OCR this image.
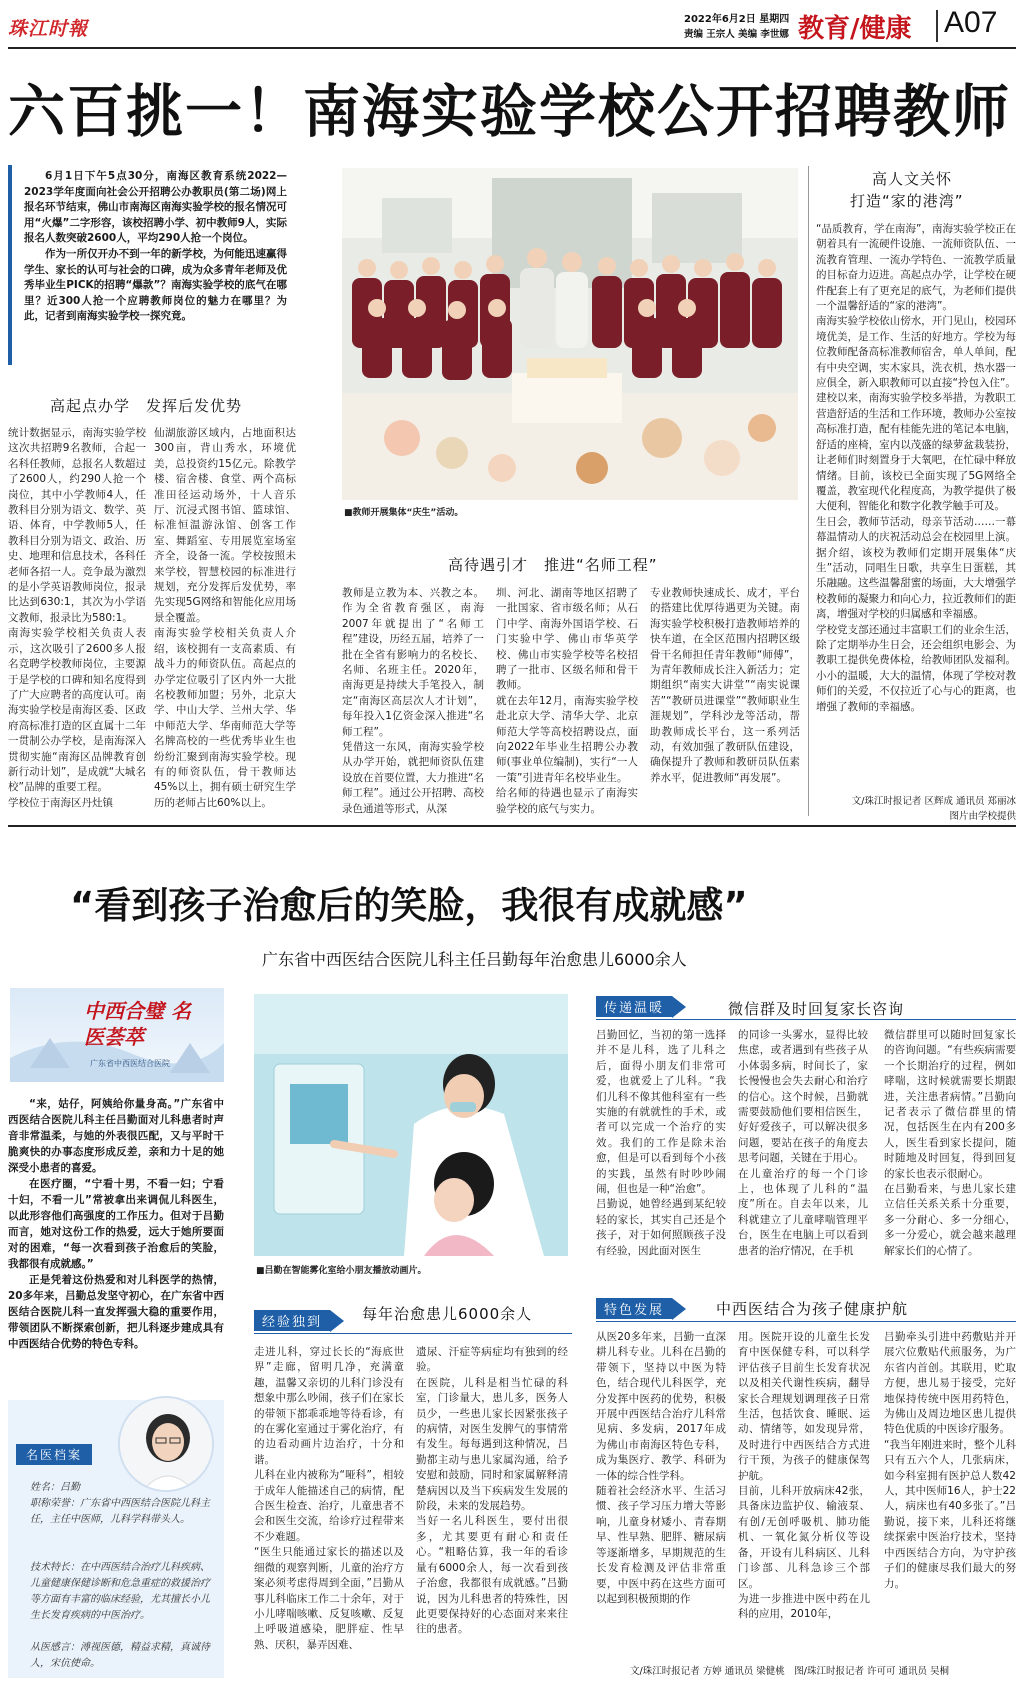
珠江时報	2022年6月2日 星期四
责编 王宗人 美编 李世娜 教育/健康 A07
六百挑一！南海实验学校公开招聘教师

6月1日下午5点30分，南海区教育系统2022—2023学年度面向社会公开招聘公办教职员(第二场)网上报名环节结束，佛山市南海区南海实验学校的报名情况可用“火爆”二字形容，该校招聘小学、初中教师9人，实际报名人数突破2600人，平均290人抢一个岗位。

作为一所仅开办不到一年的新学校，为何能迅速赢得学生、家长的认可与社会的口碑，成为众多青年老师及优秀毕业生PICK的招聘“爆款”？南海实验学校的底气在哪里？近300人抢一个应聘教师岗位的魅力在哪里？为此，记者到南海实验学校一探究竟。

■教师开展集体“庆生”活动。
高起点办学　发挥后发优势

统计数据显示，南海实验学校这次共招聘9名教师，合起一名科任教师，总报名人数超过了2600人，约290人抢一个岗位，其中小学教师4人，任教科目分别为语文、数学、英语、体育，中学教师5人，任教科目分别为语文、政治、历史、地理和信息技术，各科任老师各招一人。竞争最为激烈的是小学英语教师岗位，报录比达到630:1，其次为小学语文教师，报录比为580:1。
南海实验学校相关负责人表示，这次吸引了2600多人报名竞聘学校教师岗位，主要源于是学校的口碑和知名度得到了广大应聘者的高度认可。南海实验学校是南海区委、区政府高标准打造的区直属十二年一贯制公办学校，是南海深入贯彻实施“南海区品牌教育创新行动计划”，是成就“大城名校”品牌的重要工程。
学校位于南海区丹灶镇

仙湖旅游区域内，占地面积达300亩，背山秀水，环境优美，总投资约15亿元。除教学楼、宿舍楼、食堂、两个高标准田径运动场外，十人音乐厅、沉浸式图书馆、篮球馆、标准恒温游泳馆、创客工作室、舞蹈室、专用展览室场室齐全，设备一流。学校按照未来学校，智慧校园的标准进行规划，充分发挥后发优势，率先实现5G网络和智能化应用场景全覆盖。
南海实验学校相关负责人介绍，该校拥有一支高素质、有战斗力的师资队伍。高起点的办学定位吸引了区内外一大批名校教师加盟；另外，北京大学、中山大学、兰州大学、华中师范大学、华南师范大学等名牌高校的一些优秀毕业生也纷纷汇聚到南海实验学校。现有的师资队伍，骨干教师达45%以上，拥有硕士研究生学历的老师占比60%以上。

高待遇引才　推进“名师工程”

教师是立教为本、兴教之本。作为全省教育强区，南海2007年就提出了“名师工程”建设，历经五届，培养了一批在全省有影响力的名校长、名师、名班主任。2020年，南海更是持续大手笔投入，制定“南海区高层次人才计划”，每年投入1亿资金深入推进“名师工程”。
凭借这一东风，南海实验学校从办学开始，就把师资队伍建设放在首要位置，大力推进“名师工程”。通过公开招聘、高校录色通道等形式，从深

圳、河北、湖南等地区招聘了一批国家、省市级名师；从石门中学、南海外国语学校、石门实验中学、佛山市华英学校、佛山市实验学校等名校招聘了一批市、区级名师和骨干教师。
就在去年12月，南海实验学校赴北京大学、清华大学、北京师范大学等高校招聘设点，面向2022年毕业生招聘公办教师(事业单位编制)，实行“一人一策”引进青年名校毕业生。
给名师的待遇也显示了南海实验学校的底气与实力。

专业教师快速成长、成才，平台的搭建比优厚待遇更为关键。南海实验学校积极打造教师培养的快车道，在全区范围内招聘区级骨干名师担任青年教师“师傅”，为青年教师成长注入新活力；定期组织“南实大讲堂”“南实说课苦”“教研员进课堂”“教师职业生涯规划”，学科沙龙等活动，帮助教师成长平台，这一系列活动，有效加强了教研队伍建设，确保提升了教师和教研员队伍素养水平，促进教师“再发展”。

高人文关怀
打造“家的港湾”

“品质教育，学在南海”，南海实验学校正在朝着具有一流硬件设施、一流师资队伍、一流教育管理、一流办学特色、一流教学质量的目标奋力迈进。高起点办学，让学校在硬件配套上有了更充足的底气，为老师们提供一个温馨舒适的“家的港湾”。
南海实验学校依山傍水，开门见山，校园环境优美，是工作、生活的好地方。学校为每位教师配备高标准教师宿舍，单人单间，配有中央空调，实木家具，洗衣机，热水器一应俱全，新入职教师可以直接“拎包入住”。
建校以来，南海实验学校多举措，为教职工营造舒适的生活和工作环境，教师办公室按高标准打造，配有桂能先进的笔记本电脑，舒适的座椅，室内以茂盛的绿萝盆栽装扮，让老师们时刻置身于大氧吧，在忙碌中释放情绪。目前，该校已全面实现了5G网络全覆盖，教室现代化程度高，为教学提供了极大便利，智能化和数字化教学触手可及。
生日会，教师节活动，母亲节活动……一幕幕温情动人的庆祝活动总会在校园里上演。据介绍，该校为教师们定期开展集体“庆生”活动，同唱生日歌，共享生日蛋糕，其乐融融。这些温馨甜蜜的场面，大大增强学校教师的凝聚力和向心力，拉近教师们的距离，增强对学校的归属感和幸福感。
学校党支部还通过丰富职工们的业余生活，除了定期举办生日会，还会组织电影会、为教职工提供免费体检，给教师团队发福利。小小的温暖，大大的温情，体现了学校对教师们的关爱，不仅拉近了心与心的距离，也增强了教师的幸福感。

文/珠江时报记者 区辉成 通讯员 郑丽冰
图片由学校提供
“看到孩子治愈后的笑脸，我很有成就感”
广东省中西医结合医院儿科主任吕勤每年治愈患儿6000余人
中西合璧 名医荟萃
广东省中西医结合医院

“来，姑仔，阿姨给你量身高。”广东省中西医结合医院儿科主任吕勤面对儿科患者时声音非常温柔，与她的外表很匹配，又与平时干脆爽快的办事态度形成反差，亲和力十足的她深受小患者的喜爱。

在医疗圈，“宁看十男，不看一妇；宁看十妇，不看一儿”常被拿出来调侃儿科医生，以此形容他们高强度的工作压力。但对于吕勤而言，她对这份工作的热爱，远大于她所要面对的困难，“每一次看到孩子治愈后的笑脸，我都很有成就感。”

正是凭着这份热爱和对儿科医学的热情，20多年来，吕勤总发坚守初心，在广东省中西医结合医院儿科一直发挥强大稳的重要作用，带领团队不断探索创新，把儿科逐步建成具有中西医结合优势的特色专科。

名医档案
姓名：吕勤
职称荣誉：广东省中西医结合医院儿科主任，主任中医师，儿科学科带头人。
技术特长：在中西医结合治疗儿科疾病、儿童健康保健诊断和危急重症的救援治疗等方面有丰富的临床经验，尤其擅长小儿生长发育疾病的中医治疗。
从医感言：溥视医德，精益求精，真诚待人，宋伉使命。
■吕勤在智能雾化室给小朋友播放动画片。
传递温暖	微信群及时回复家长咨询

吕勤回忆，当初的第一选择并不是儿科，选了儿科之后，面得小朋友们非常可爱，也就爱上了儿科。“我们儿科不像其他科室有一些实施的有就就性的手术，或者可以完成一个治疗的实效。我们的工作是除未治愈，但是可以看到每个小孩的实践，虽然有时吵吵闹闹，但也是一种“治愈”。
吕勤说，她曾经遇到某纪较轻的家长，其实自己还是个孩子，对于如何照顾孩子没有经验，因此面对医生

的同诊一头雾水，显得比较焦虑，或者遇到有些孩子从小体弱多病，时间长了，家长慢慢也会失去耐心和治疗的信心。这个时候，吕勤就需要鼓励他们要相信医生，好好爱孩子，可以解决很多问题，要站在孩子的角度去思考问题，关键在于用心。
在儿童治疗的每一个门诊上，也体现了儿科的“温度”所在。自去年以来，儿科就建立了儿童哮喘管理平台，医生在电脑上可以看到患者的治疗情况，在手机

微信群里可以随时回复家长的咨询问题。“有些疾病需要一个长期治疗的过程，例如哮喘，这时候就需要长期跟进，关注患者病情。”吕勤向记者表示了微信群里的情况，包括医生在内有200多人，医生看到家长提问，随时随地及时回复，得到回复的家长也表示很耐心。
在吕勤看来，与患儿家长建立信任关系关系十分重要，多一分耐心、多一分细心，多一分爱心，就会越来越理解家长们的心情了。

经验独到	每年治愈患儿6000余人

走进儿科，穿过长长的“海底世界”走廊，留明几净，充满童趣，温馨又亲切的儿科门诊没有想象中那么吵闹，孩子们在家长的带领下都乖乖地等待看诊，有的在雾化室通过于雾化治疗，有的边看动画片边治疗，十分和谐。
儿科在业内被称为“哑科”，相较于成年人能描述自己的病情，配合医生检查、治疗，儿童患者不会和医生交流，给诊疗过程带来不少难题。
“医生只能通过家长的描述以及细微的观察判断，儿童的治疗方案必须考虑得周到全面，”吕勤从事儿科临床工作二十余年，对于小儿哮喘咳嗽、反复咳嗽、反复上呼吸道感染，肥胖症、性早熟、厌积，暴弄因难、

遗尿、汗症等病症均有独到的经验。
在医院，儿科是相当忙碌的科室，门诊量大，患儿多，医务人员少，一些患儿家长因紧张孩子的病情，对医生发脾气的事情常有发生。每每遇到这种情况，吕勤都主动与患儿家属沟通，给予安慰和鼓励，同时和家属解释清楚病因以及当下疾病发生发展的阶段，未来的发展趋势。
当好一名儿科医生，要付出很多，尤其要更有耐心和责任心。“粗略估算，我一年的看诊量有6000余人，每一次看到孩子治愈，我都很有成就感。”吕勤说，因为儿科患者的特殊性，因此更要保持好的心态面对来来往往的患者。

特色发展	中西医结合为孩子健康护航

从医20多年来，吕勤一直深耕儿科专业。儿科在吕勤的带领下，坚持以中医为特色，结合现代儿科医学，充分发挥中医药的优势，积极开展中西医结合治疗儿科常见病、多发病，2017年成为佛山市南海区特色专科，成为集医疗、教学、科研为一体的综合性学科。
随着社会经济水平、生活习惯、孩子学习压力增大等影响，儿童身材矮小、青春期早、性早熟、肥胖、糖尿病等逐渐增多，早期规范的生长发育检测及评估非常重要，中医中药在这些方面可以起到积极预期的作

用。医院开设的儿童生长发育中医保健专科，可以科学评估孩子目前生长发育状况以及相关代谢性疾病，翻导家长合理规划调理孩子日常生活，包括饮食、睡眠、运动、情绪等，如发现异常，及时进行中西医结合方式进行干预，为孩子的健康保驾护航。
目前，儿科开放病床42张，具备床边监护仪、输液泵、有创/无创呼吸机、肺功能机、一氧化氮分析仪等设备，开设有儿科病区、儿科门诊部、儿科急诊三个部区。
为进一步推进中医中药在儿科的应用，2010年，

吕勤牵头引进中药敷贴并开展穴位敷贴代煎服务，为广东省内首创。其联用，贮取方便，患儿易于接受，完好地保持传统中医用药特色，为佛山及周边地区患儿提供特色优质的中医诊疗服务。
“我当年刚进来时，整个儿科只有五六个人，几张病床，如今科室拥有医护总人数42人，其中医师16人，护士22人，病床也有40多张了。”吕勤说，接下来，儿科还将继续探索中医治疗技术，坚持中西医结合方向，为守护孩子们的健康尽我们最大的努力。

文/珠江时报记者 方婷 通讯员 梁健桃　图/珠江时报记者 许可可 通讯员 吴桐
